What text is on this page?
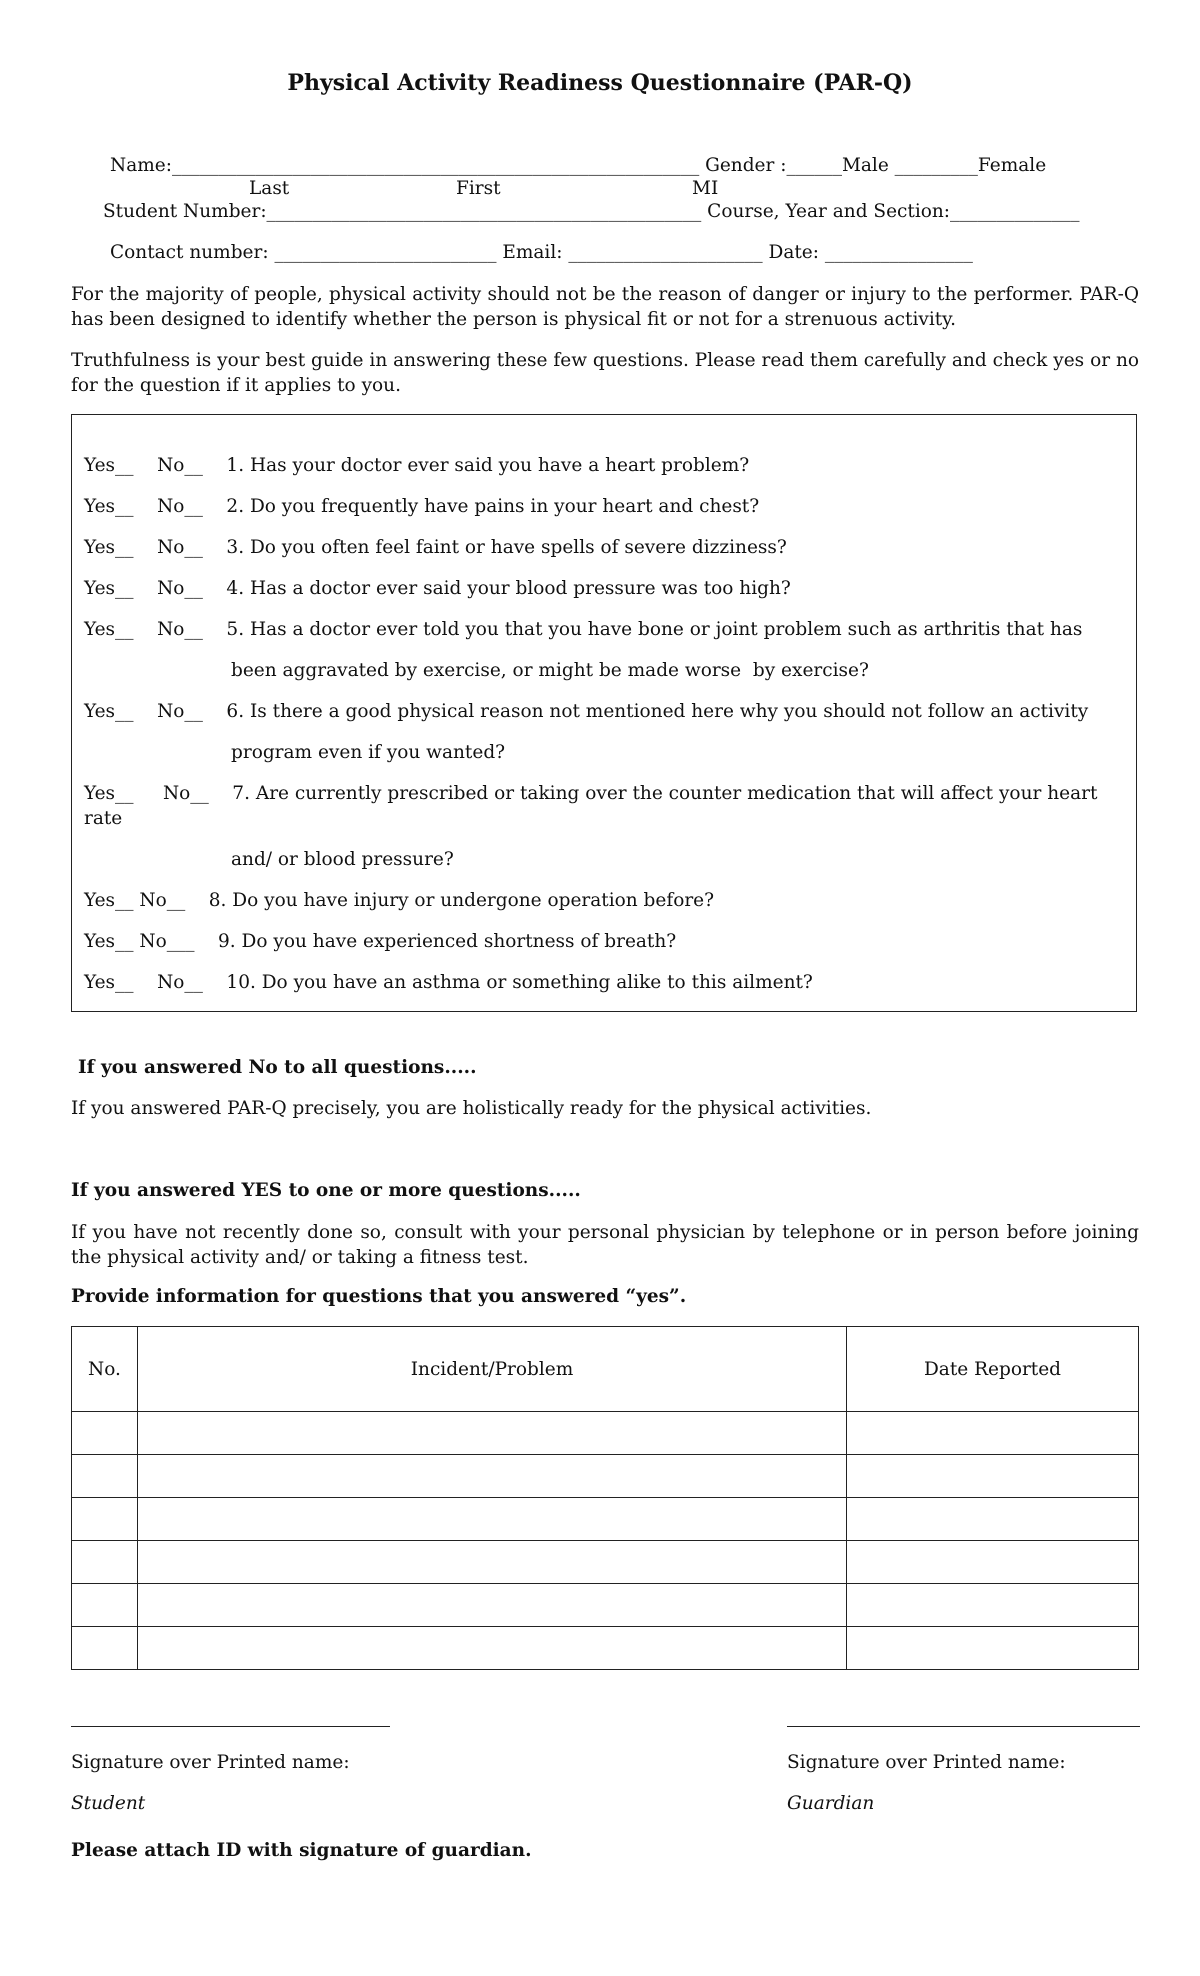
Physical Activity Readiness Questionnaire (PAR-Q)
Name:_________________________________________________________ Gender :______Male _________Female
Last	First	MI
Student Number:_______________________________________________ Course, Year and Section:______________
Contact number: ________________________ Email: _____________________ Date: ________________
For the majority of people, physical activity should not be the reason of danger or injury to the performer. PAR-Q has been designed to identify whether the person is physical fit or not for a strenuous activity.
Truthfulness is your best guide in answering these few questions. Please read them carefully and check yes or no for the question if it applies to you.
Yes__    No__    1. Has your doctor ever said you have a heart problem?
Yes__    No__    2. Do you frequently have pains in your heart and chest?
Yes__    No__    3. Do you often feel faint or have spells of severe dizziness?
Yes__    No__    4. Has a doctor ever said your blood pressure was too high?
Yes__    No__    5. Has a doctor ever told you that you have bone or joint problem such as arthritis that has
been aggravated by exercise, or might be made worse  by exercise?
Yes__    No__    6. Is there a good physical reason not mentioned here why you should not follow an activity
program even if you wanted?
Yes__     No__    7. Are currently prescribed or taking over the counter medication that will affect your heart
rate
and/ or blood pressure?
Yes__ No__    8. Do you have injury or undergone operation before?
Yes__ No___    9. Do you have experienced shortness of breath?
Yes__    No__    10. Do you have an asthma or something alike to this ailment?
If you answered No to all questions.....
If you answered PAR-Q precisely, you are holistically ready for the physical activities.
If you answered YES to one or more questions.....
If you have not recently done so, consult with your personal physician by telephone or in person before joining the physical activity and/ or taking a fitness test.
Provide information for questions that you answered “yes”.
No.	Incident/Problem	Date Reported

Signature over Printed name:
Student
Signature over Printed name:
Guardian
Please attach ID with signature of guardian.
